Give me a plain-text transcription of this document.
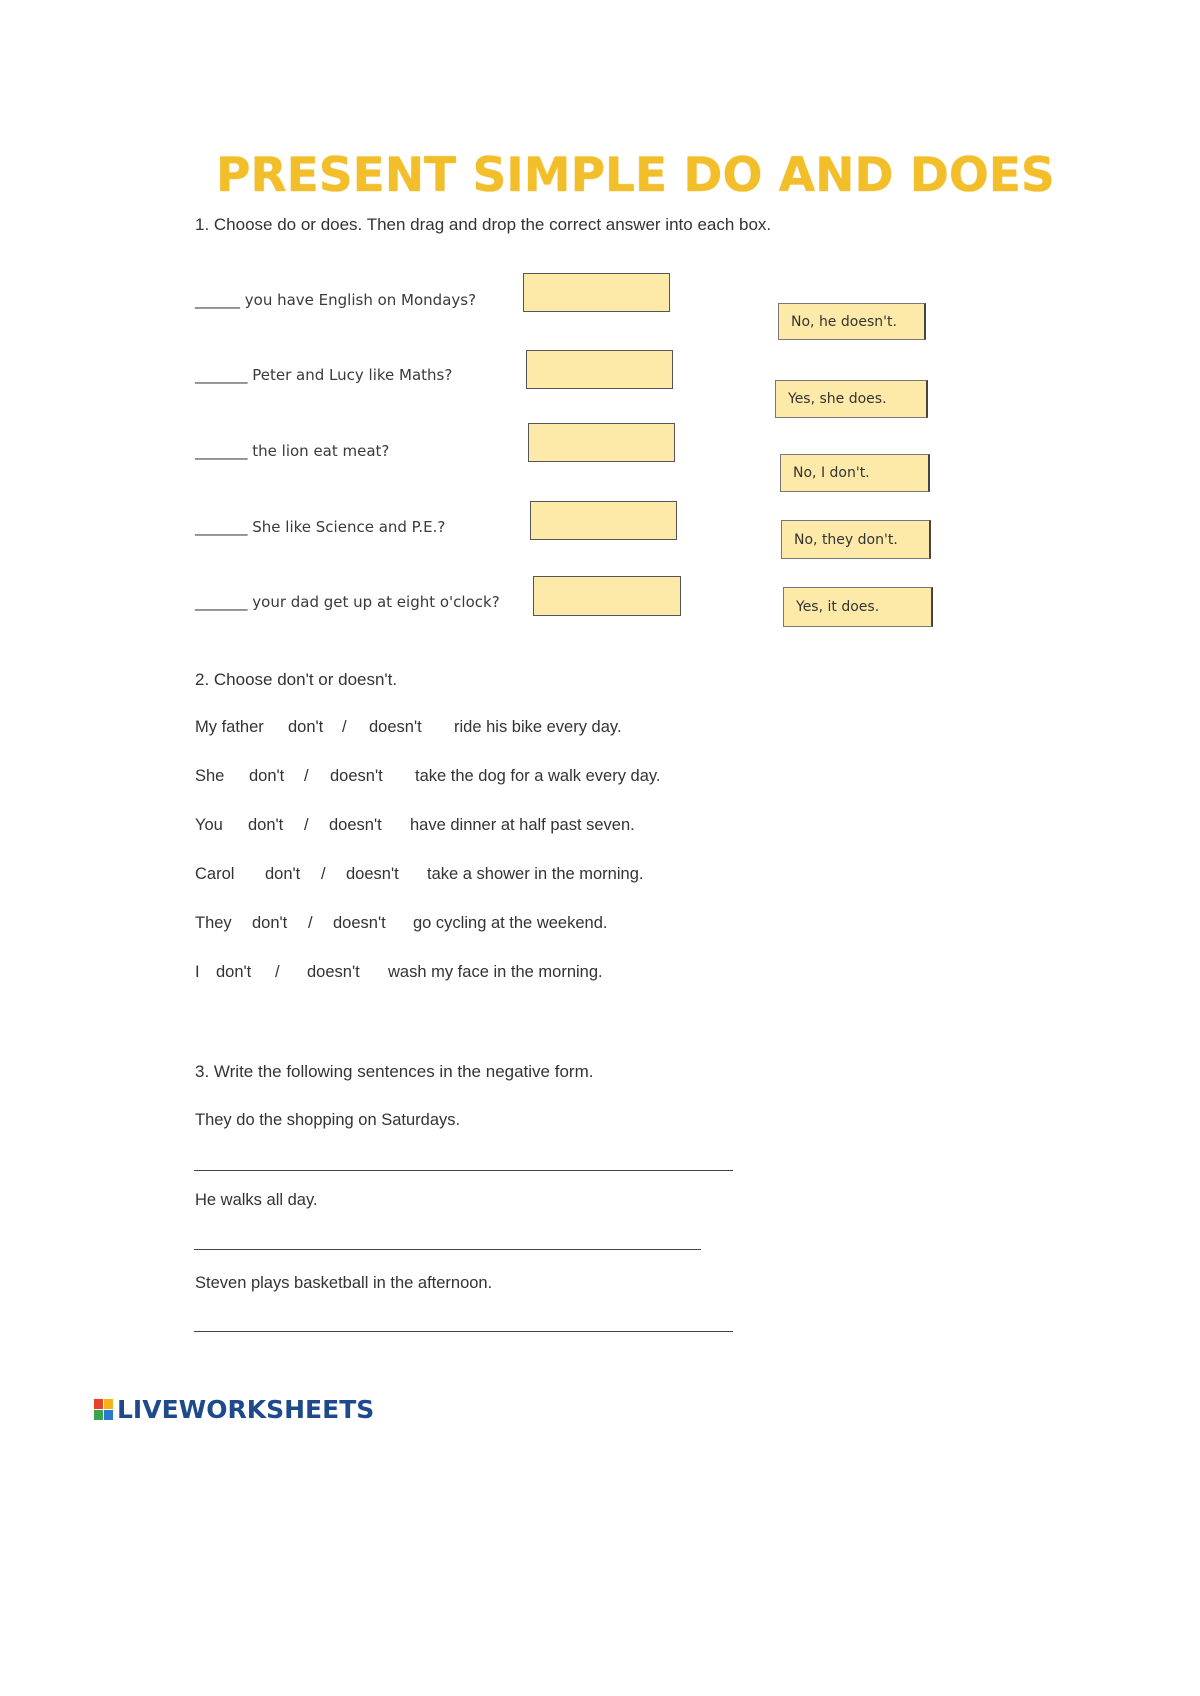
PRESENT SIMPLE DO AND DOES
1. Choose do or does. Then drag and drop the correct answer into each box.
______ you have English on Mondays?
_______ Peter and Lucy like Maths?
_______ the lion eat meat?
_______ She like Science and P.E.?
_______ your dad get up at eight o'clock?
No, he doesn't.
Yes, she does.
No, I don't.
No, they don't.
Yes, it does.
2. Choose don't or doesn't.
My father don't / doesn't ride his bike every day.
She don't / doesn't take the dog for a walk every day.
You don't / doesn't have dinner at half past seven.
Carol don't / doesn't take a shower in the morning.
They don't / doesn't go cycling at the weekend.
I don't / doesn't wash my face in the morning.
3. Write the following sentences in the negative form.
They do the shopping on Saturdays.
He walks all day.
Steven plays basketball in the afternoon.
LIVEWORKSHEETS
